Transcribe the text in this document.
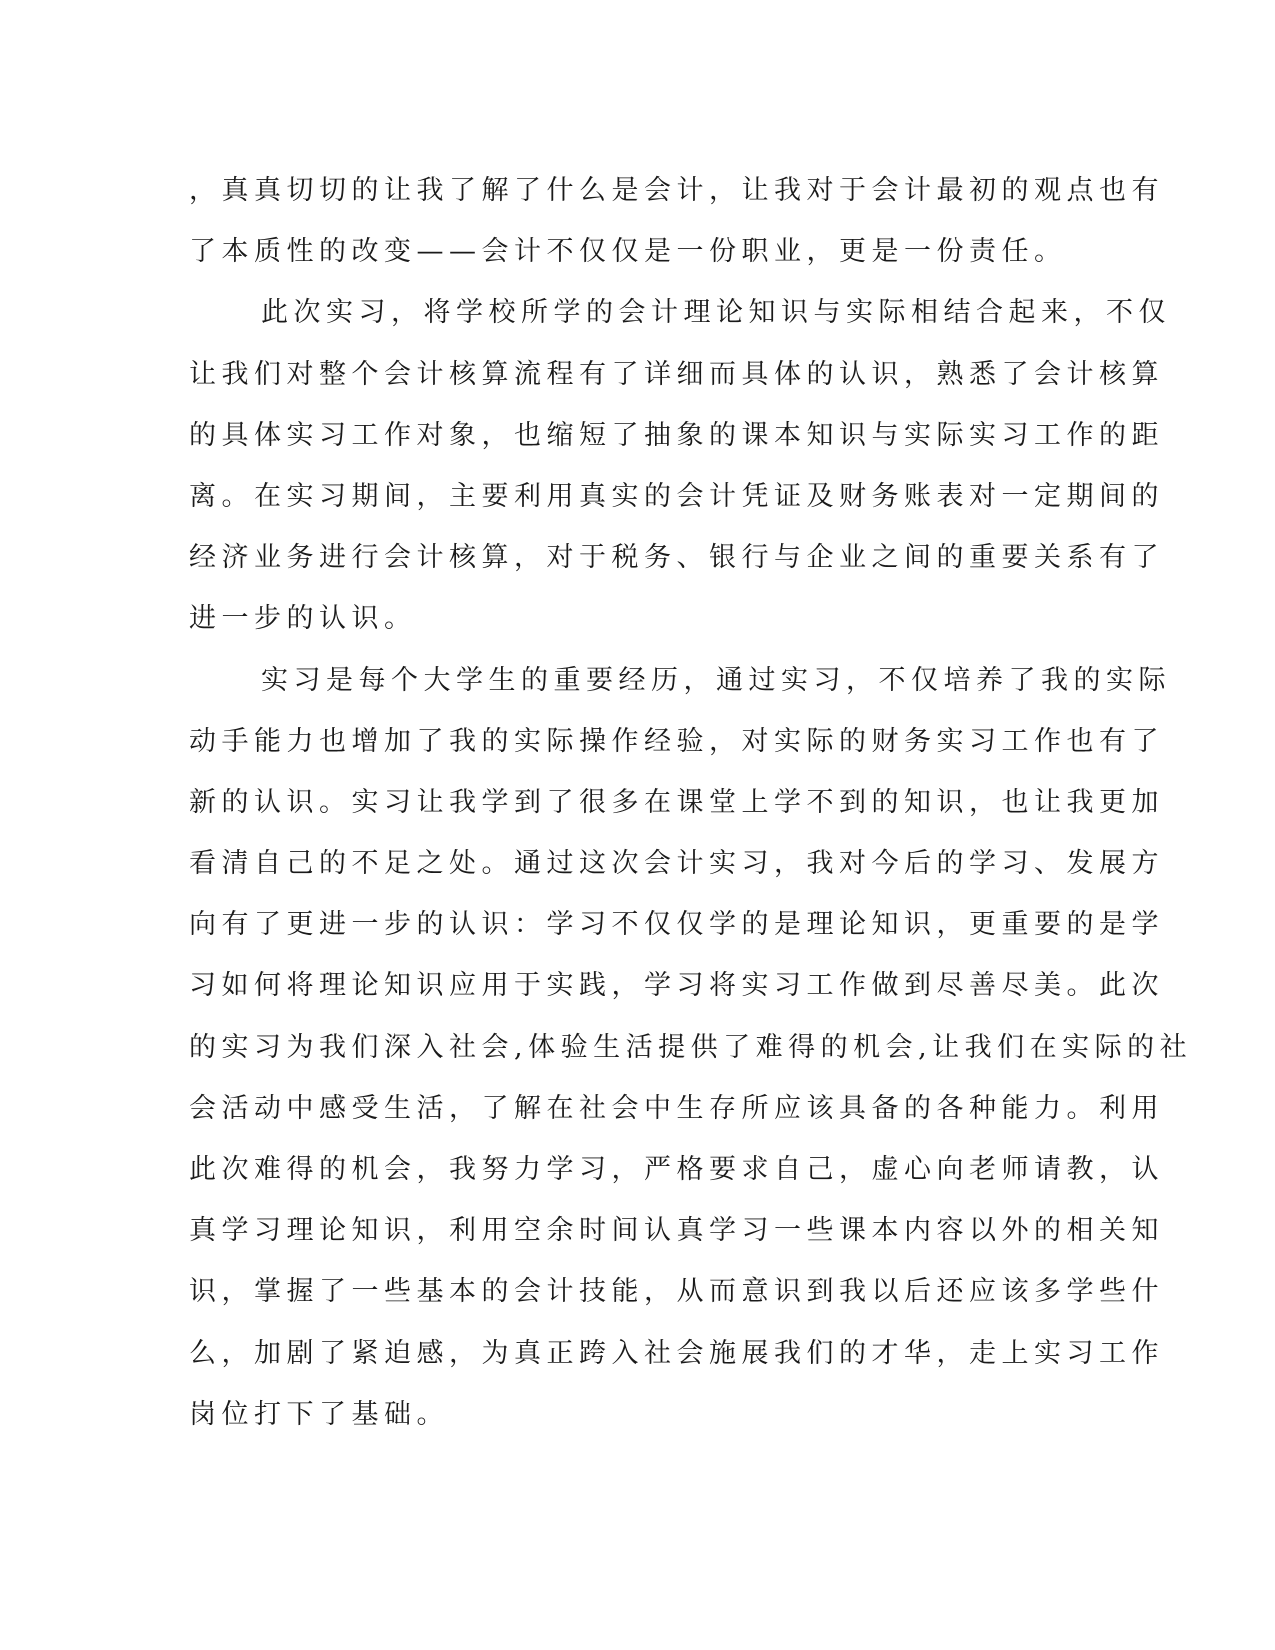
，真真切切的让我了解了什么是会计，让我对于会计最初的观点也有
了本质性的改变——会计不仅仅是一份职业，更是一份责任。
此次实习，将学校所学的会计理论知识与实际相结合起来，不仅
让我们对整个会计核算流程有了详细而具体的认识，熟悉了会计核算
的具体实习工作对象，也缩短了抽象的课本知识与实际实习工作的距
离。在实习期间，主要利用真实的会计凭证及财务账表对一定期间的
经济业务进行会计核算，对于税务、银行与企业之间的重要关系有了
进一步的认识。
实习是每个大学生的重要经历，通过实习，不仅培养了我的实际
动手能力也增加了我的实际操作经验，对实际的财务实习工作也有了
新的认识。实习让我学到了很多在课堂上学不到的知识，也让我更加
看清自己的不足之处。通过这次会计实习，我对今后的学习、发展方
向有了更进一步的认识：学习不仅仅学的是理论知识，更重要的是学
习如何将理论知识应用于实践，学习将实习工作做到尽善尽美。此次
的实习为我们深入社会,体验生活提供了难得的机会,让我们在实际的社
会活动中感受生活，了解在社会中生存所应该具备的各种能力。利用
此次难得的机会，我努力学习，严格要求自己，虚心向老师请教，认
真学习理论知识，利用空余时间认真学习一些课本内容以外的相关知
识，掌握了一些基本的会计技能，从而意识到我以后还应该多学些什
么，加剧了紧迫感，为真正跨入社会施展我们的才华，走上实习工作
岗位打下了基础。
